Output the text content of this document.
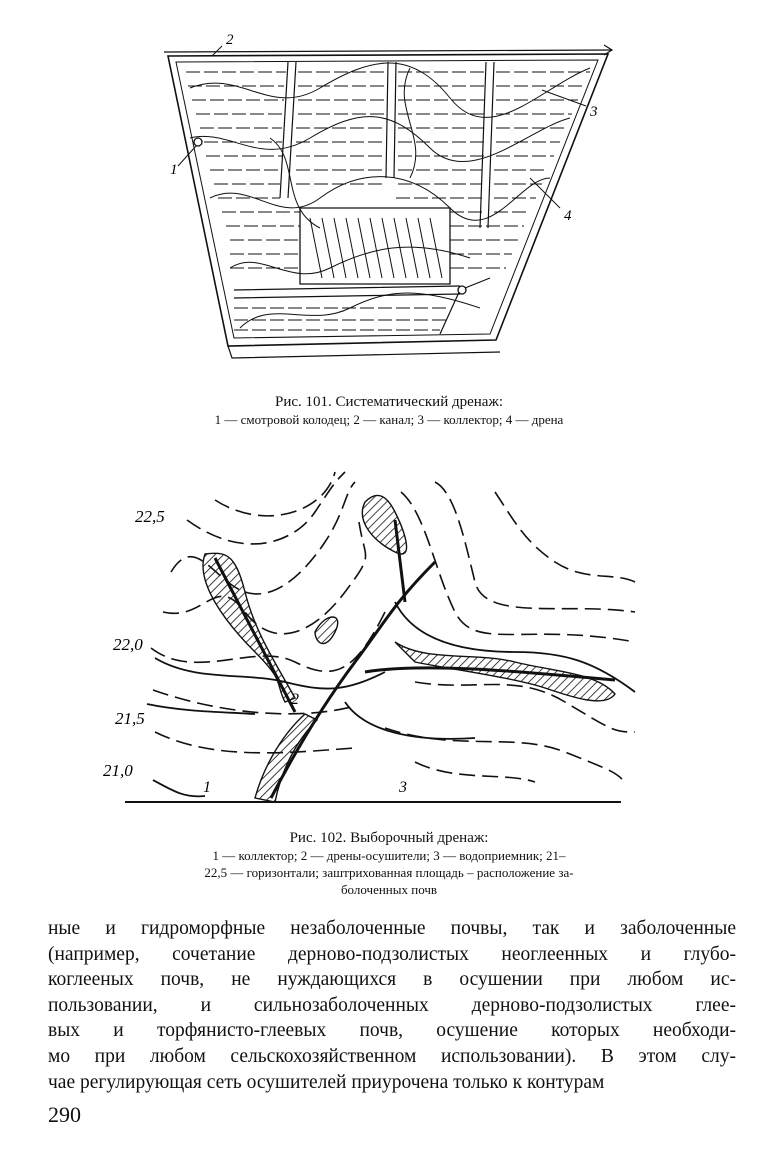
2
1
3
4
Рис. 101. Систематический дренаж:
1 — смотровой колодец; 2 — канал; 3 — коллектор; 4 — дрена
22,5
22,0
21,5
21,0
1
2
3
Рис. 102. Выборочный дренаж:
1 — коллектор; 2 — дрены-осушители; 3 — водоприемник; 21–
22,5 — горизонтали; заштрихованная площадь – расположение за-
болоченных почв
ные и гидроморфные незаболоченные почвы, так и заболоченные
(например, сочетание дерново-подзолистых неоглеенных и глубо-
коглееных почв, не нуждающихся в осушении при любом ис-
пользовании, и сильнозаболоченных дерново-подзолистых глее-
вых и торфянисто-глеевых почв, осушение которых необходи-
мо при любом сельскохозяйственном использовании). В этом слу-
чае регулирующая сеть осушителей приурочена только к контурам
290
